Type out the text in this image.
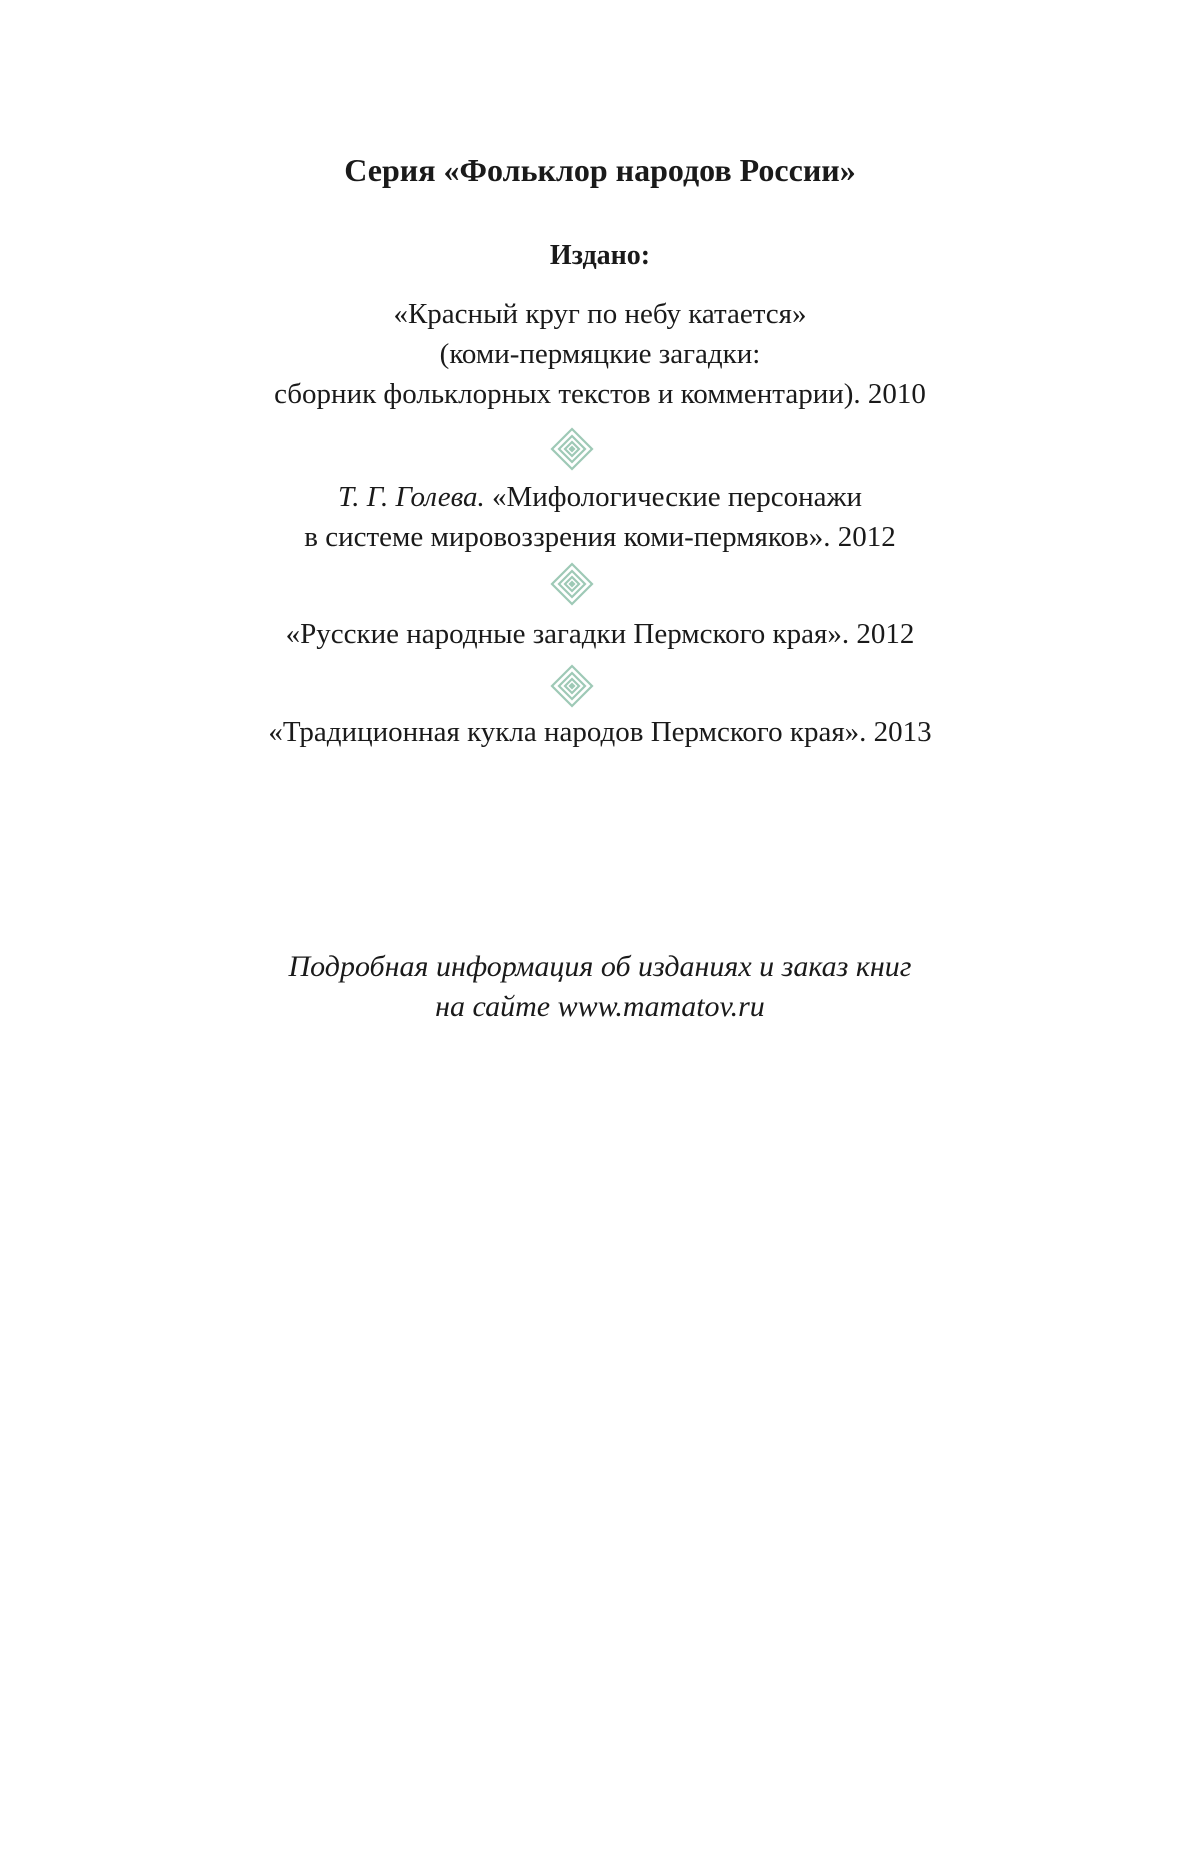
Серия «Фольклор народов России»
Издано:
«Красный круг по небу катается»
(коми-пермяцкие загадки:
сборник фольклорных текстов и комментарии). 2010
Т. Г. Голева. «Мифологические персонажи
в системе мировоззрения коми-пермяков». 2012
«Русские народные загадки Пермского края». 2012
«Традиционная кукла народов Пермского края». 2013
Подробная информация об изданиях и заказ книг
на сайте www.mamatov.ru
